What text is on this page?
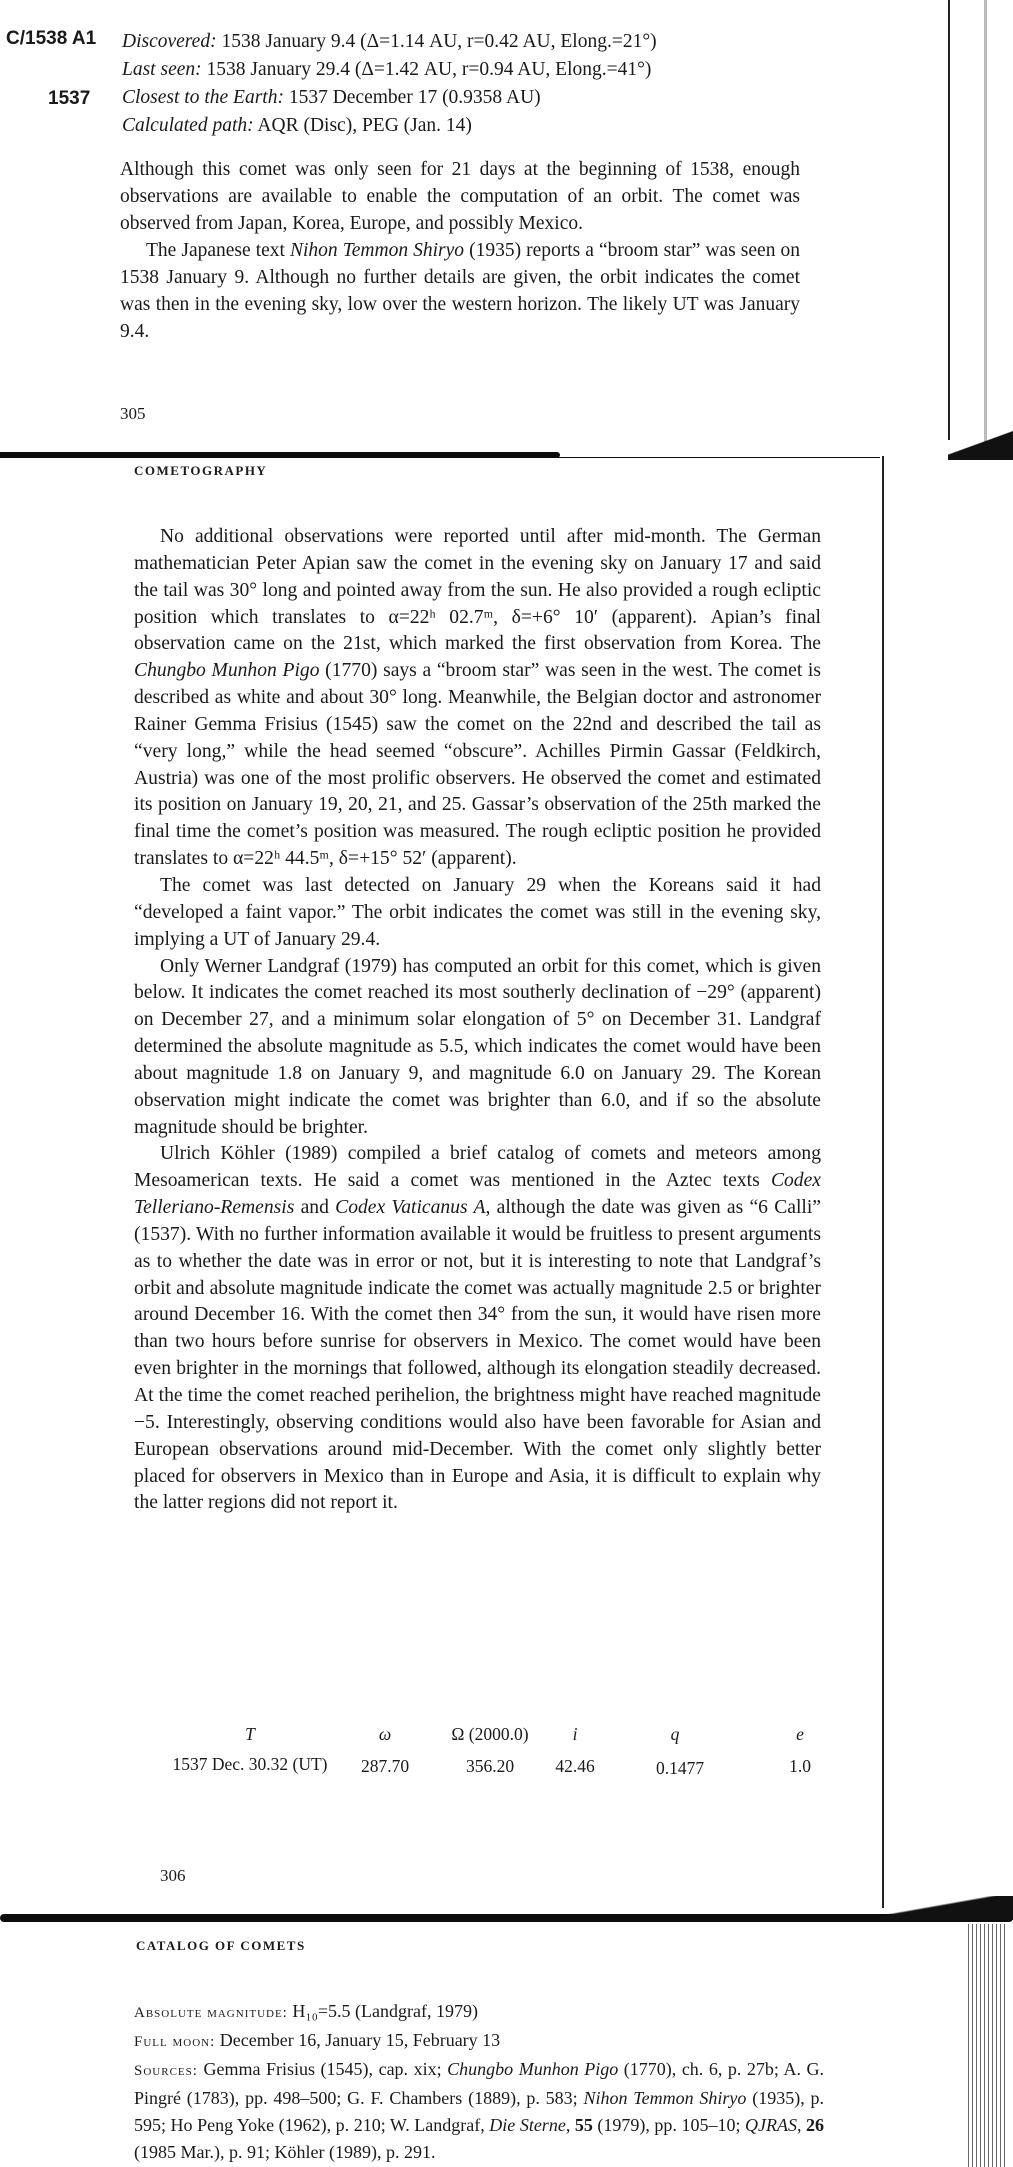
C/1538 A1
1537
Discovered: 1538 January 9.4 (Δ=1.14 AU, r=0.42 AU, Elong.=21°)
Last seen: 1538 January 29.4 (Δ=1.42 AU, r=0.94 AU, Elong.=41°)
Closest to the Earth: 1537 December 17 (0.9358 AU)
Calculated path: AQR (Disc), PEG (Jan. 14)

Although this comet was only seen for 21 days at the beginning of 1538, enough observations are available to enable the computation of an orbit. The comet was observed from Japan, Korea, Europe, and possibly Mexico.

The Japanese text Nihon Temmon Shiryo (1935) reports a “broom star” was seen on 1538 January 9. Although no further details are given, the orbit indicates the comet was then in the evening sky, low over the western horizon. The likely UT was January 9.4.

305
COMETOGRAPHY

No additional observations were reported until after mid-month. The German mathematician Peter Apian saw the comet in the evening sky on January 17 and said the tail was 30° long and pointed away from the sun. He also provided a rough ecliptic position which translates to α=22ʰ 02.7ᵐ, δ=+6° 10′ (apparent). Apian’s final observation came on the 21st, which marked the first observation from Korea. The Chungbo Munhon Pigo (1770) says a “broom star” was seen in the west. The comet is described as white and about 30° long. Meanwhile, the Belgian doctor and astronomer Rainer Gemma Frisius (1545) saw the comet on the 22nd and described the tail as “very long,” while the head seemed “obscure”. Achilles Pirmin Gassar (Feldkirch, Austria) was one of the most prolific observers. He observed the comet and estimated its position on January 19, 20, 21, and 25. Gassar’s observation of the 25th marked the final time the comet’s position was measured. The rough ecliptic position he provided translates to α=22ʰ 44.5ᵐ, δ=+15° 52′ (apparent).

The comet was last detected on January 29 when the Koreans said it had “developed a faint vapor.” The orbit indicates the comet was still in the evening sky, implying a UT of January 29.4.

Only Werner Landgraf (1979) has computed an orbit for this comet, which is given below. It indicates the comet reached its most southerly declination of −29° (apparent) on December 27, and a minimum solar elongation of 5° on December 31. Landgraf determined the absolute magnitude as 5.5, which indicates the comet would have been about magnitude 1.8 on January 9, and magnitude 6.0 on January 29. The Korean observation might indicate the comet was brighter than 6.0, and if so the absolute magnitude should be brighter.

Ulrich Köhler (1989) compiled a brief catalog of comets and meteors among Mesoamerican texts. He said a comet was mentioned in the Aztec texts Codex Telleriano-Remensis and Codex Vaticanus A, although the date was given as “6 Calli” (1537). With no further information available it would be fruitless to present arguments as to whether the date was in error or not, but it is interesting to note that Landgraf’s orbit and absolute magnitude indicate the comet was actually magnitude 2.5 or brighter around December 16. With the comet then 34° from the sun, it would have risen more than two hours before sunrise for observers in Mexico. The comet would have been even brighter in the mornings that followed, although its elongation steadily decreased. At the time the comet reached perihelion, the brightness might have reached magnitude −5. Interestingly, observing conditions would also have been favorable for Asian and European observations around mid-December. With the comet only slightly better placed for observers in Mexico than in Europe and Asia, it is difficult to explain why the latter regions did not report it.

T	ω	Ω (2000.0)	i	q	e
1537 Dec. 30.32 (UT)	287.70	356.20	42.46	0.1477	1.0
306
CATALOG OF COMETS
Absolute magnitude: H₁₀=5.5 (Landgraf, 1979)
Full moon: December 16, January 15, February 13
Sources: Gemma Frisius (1545), cap. xix; Chungbo Munhon Pigo (1770), ch. 6, p. 27b; A. G. Pingré (1783), pp. 498–500; G. F. Chambers (1889), p. 583; Nihon Temmon Shiryo (1935), p. 595; Ho Peng Yoke (1962), p. 210; W. Landgraf, Die Sterne, 55 (1979), pp. 105–10; QJRAS, 26 (1985 Mar.), p. 91; Köhler (1989), p. 291.
